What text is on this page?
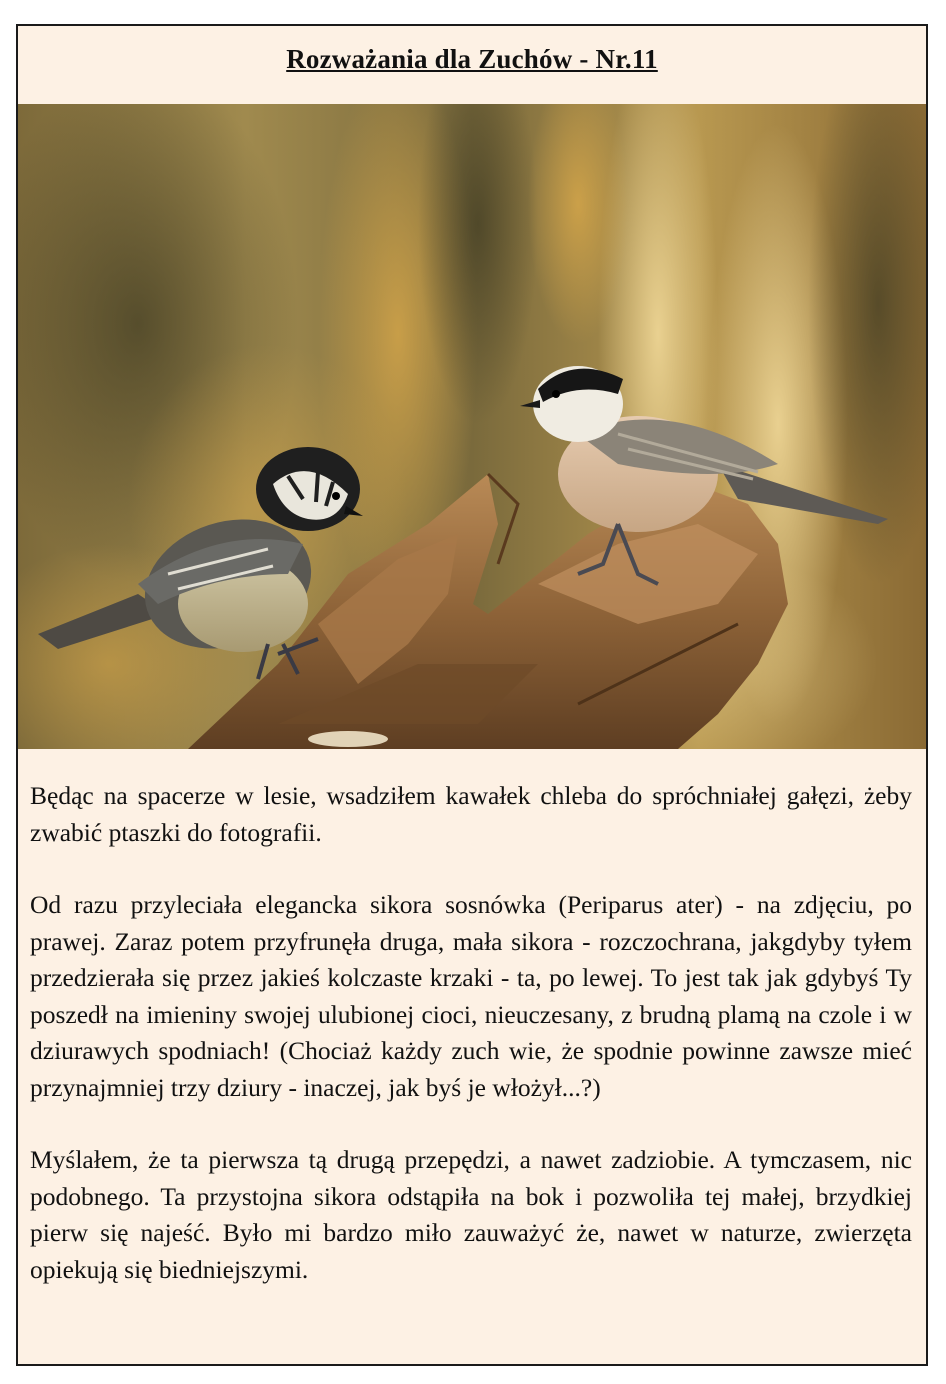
Rozważania dla Zuchów - Nr.11

Będąc na spacerze w lesie, wsadziłem kawałek chleba do spróchniałej gałęzi, żeby zwabić ptaszki do fotografii.

Od razu przyleciała elegancka sikora sosnówka (Periparus ater) - na zdjęciu, po prawej. Zaraz potem przyfrunęła druga, mała sikora - rozczochrana, jakgdyby tyłem przedzierała się przez jakieś kolczaste krzaki - ta, po lewej. To jest tak jak gdybyś Ty poszedł na imieniny swojej ulubionej cioci, nieuczesany, z brudną plamą na czole i w dziurawych spodniach! (Chociaż każdy zuch wie, że spodnie powinne zawsze mieć przynajmniej trzy dziury - inaczej, jak byś je włożył...?)

Myślałem, że ta pierwsza tą drugą przepędzi, a nawet zadziobie. A tymczasem, nic podobnego. Ta przystojna sikora odstąpiła na bok i pozwoliła tej małej, brzydkiej pierw się najeść. Było mi bardzo miło zauważyć że, nawet w naturze, zwierzęta opiekują się biedniejszymi.
